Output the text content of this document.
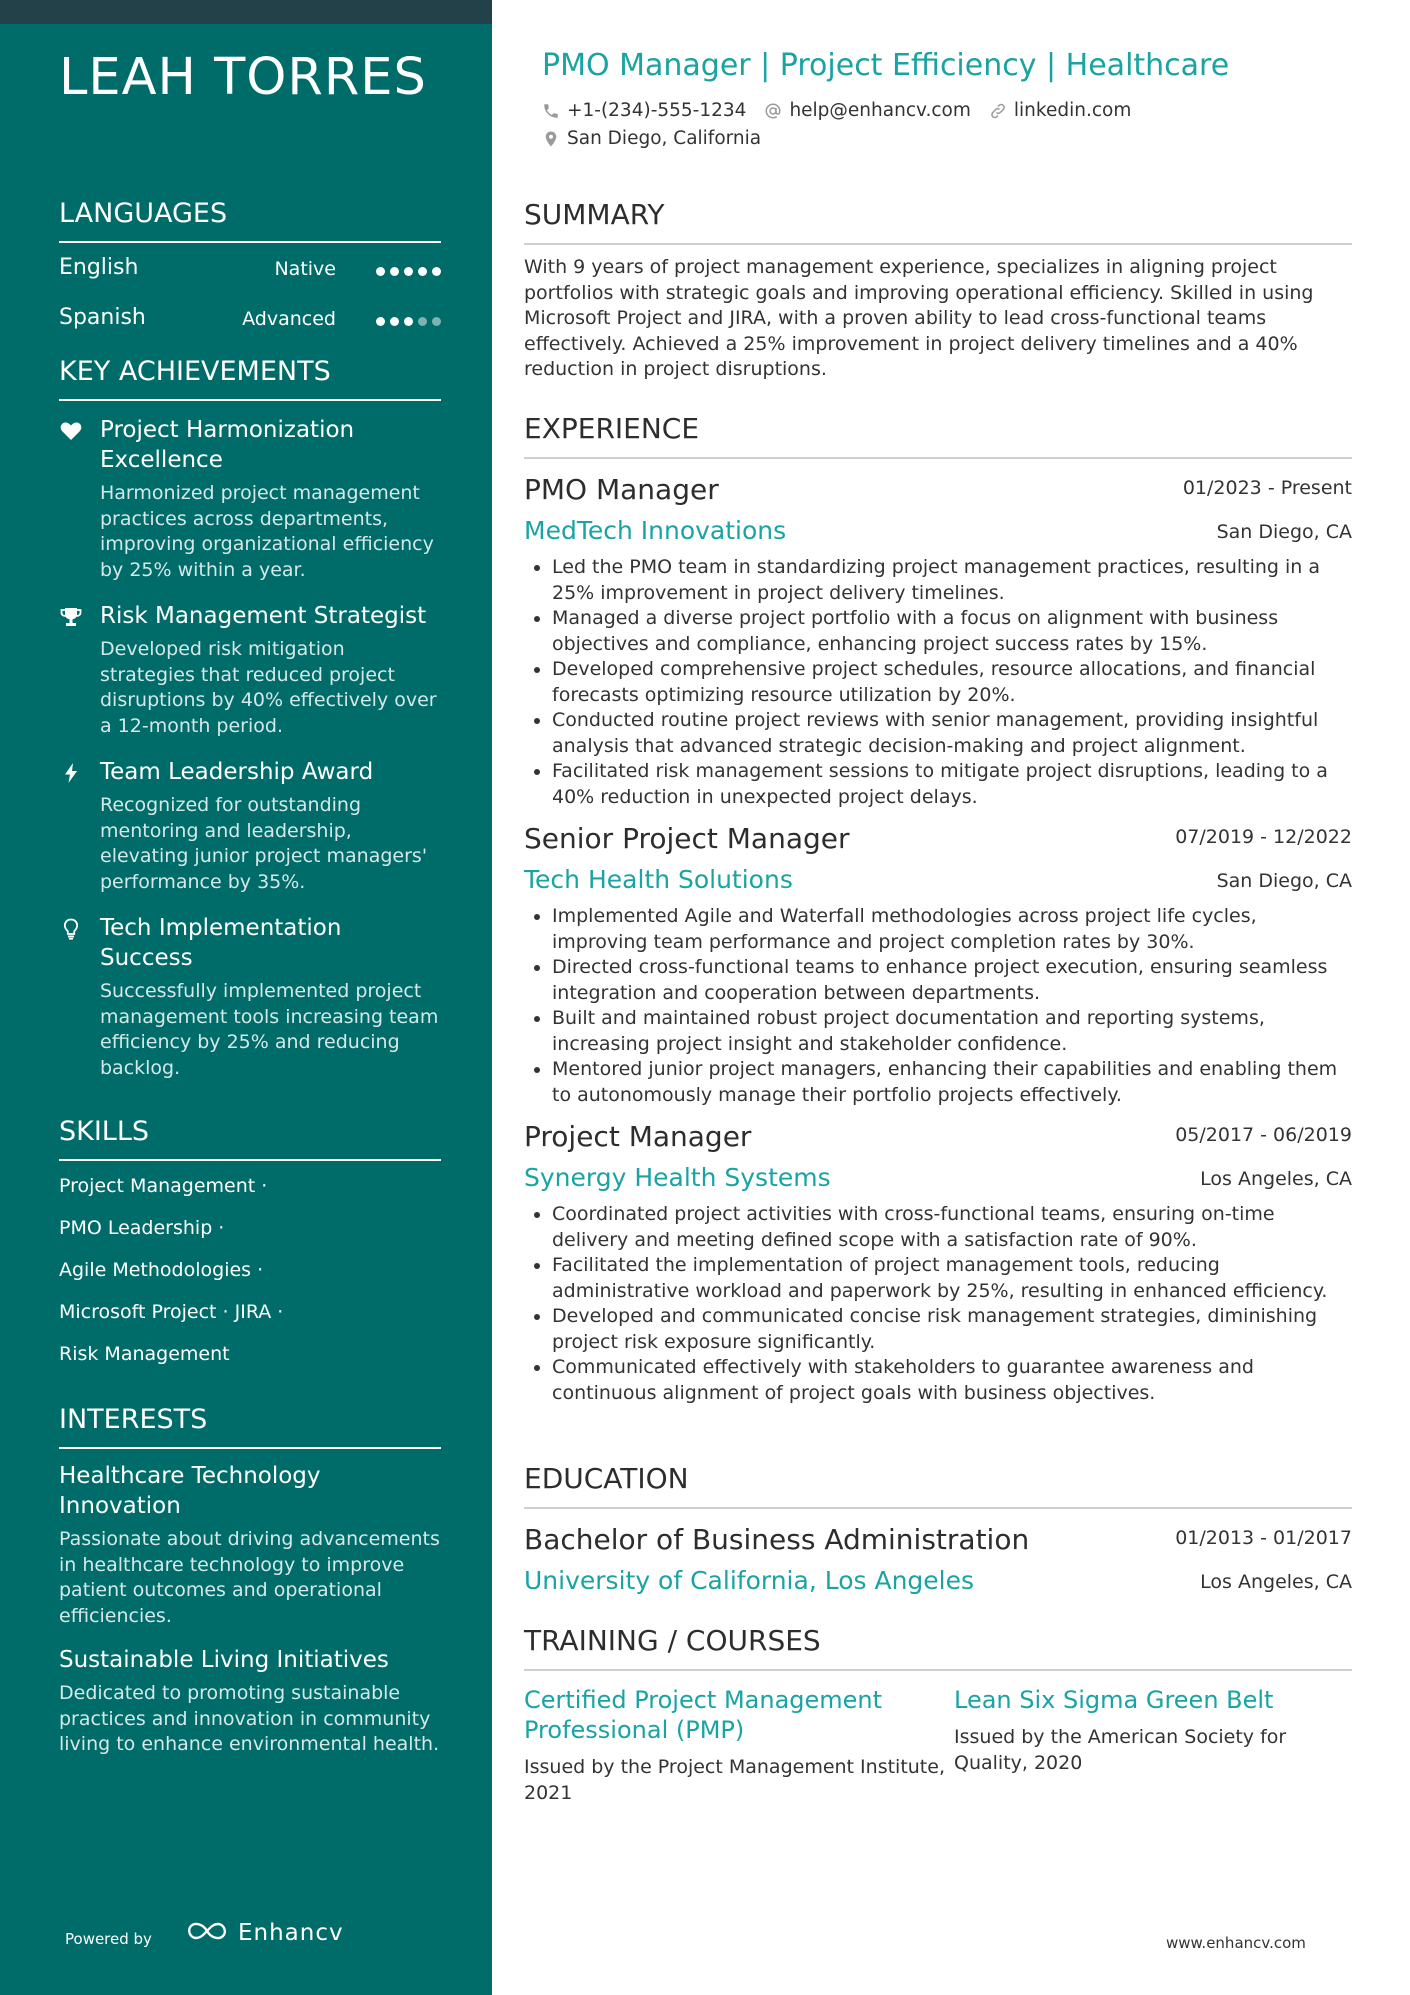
LEAH TORRES
LANGUAGES
English	Native
Spanish	Advanced
KEY ACHIEVEMENTS
Project Harmonization Excellence
Harmonized project management practices across departments, improving organizational efficiency by 25% within a year.
Risk Management Strategist
Developed risk mitigation strategies that reduced project disruptions by 40% effectively over a 12-month period.
Team Leadership Award
Recognized for outstanding mentoring and leadership, elevating junior project managers' performance by 35%.
Tech Implementation Success
Successfully implemented project management tools increasing team efficiency by 25% and reducing backlog.
SKILLS
Project Management ·
PMO Leadership ·
Agile Methodologies ·
Microsoft Project · JIRA ·
Risk Management
INTERESTS
Healthcare Technology Innovation
Passionate about driving advancements in healthcare technology to improve patient outcomes and operational efficiencies.
Sustainable Living Initiatives
Dedicated to promoting sustainable practices and innovation in community living to enhance environmental health.
Powered by	Enhancv
PMO Manager | Project Efficiency | Healthcare
+1-(234)-555-1234 help@enhancv.com linkedin.com
San Diego, California
SUMMARY
With 9 years of project management experience, specializes in aligning project portfolios with strategic goals and improving operational efficiency. Skilled in using Microsoft Project and JIRA, with a proven ability to lead cross-functional teams effectively. Achieved a 25% improvement in project delivery timelines and a 40% reduction in project disruptions.
EXPERIENCE
PMO Manager	01/2023 - Present
MedTech Innovations	San Diego, CA
• Led the PMO team in standardizing project management practices, resulting in a 25% improvement in project delivery timelines.
• Managed a diverse project portfolio with a focus on alignment with business objectives and compliance, enhancing project success rates by 15%.
• Developed comprehensive project schedules, resource allocations, and financial forecasts optimizing resource utilization by 20%.
• Conducted routine project reviews with senior management, providing insightful analysis that advanced strategic decision-making and project alignment.
• Facilitated risk management sessions to mitigate project disruptions, leading to a 40% reduction in unexpected project delays.
Senior Project Manager	07/2019 - 12/2022
Tech Health Solutions	San Diego, CA
• Implemented Agile and Waterfall methodologies across project life cycles, improving team performance and project completion rates by 30%.
• Directed cross-functional teams to enhance project execution, ensuring seamless integration and cooperation between departments.
• Built and maintained robust project documentation and reporting systems, increasing project insight and stakeholder confidence.
• Mentored junior project managers, enhancing their capabilities and enabling them to autonomously manage their portfolio projects effectively.
Project Manager	05/2017 - 06/2019
Synergy Health Systems	Los Angeles, CA
• Coordinated project activities with cross-functional teams, ensuring on-time delivery and meeting defined scope with a satisfaction rate of 90%.
• Facilitated the implementation of project management tools, reducing administrative workload and paperwork by 25%, resulting in enhanced efficiency.
• Developed and communicated concise risk management strategies, diminishing project risk exposure significantly.
• Communicated effectively with stakeholders to guarantee awareness and continuous alignment of project goals with business objectives.
EDUCATION
Bachelor of Business Administration	01/2013 - 01/2017
University of California, Los Angeles	Los Angeles, CA
TRAINING / COURSES
Certified Project Management Professional (PMP)
Issued by the Project Management Institute, 2021
Lean Six Sigma Green Belt
Issued by the American Society for Quality, 2020
www.enhancv.com
